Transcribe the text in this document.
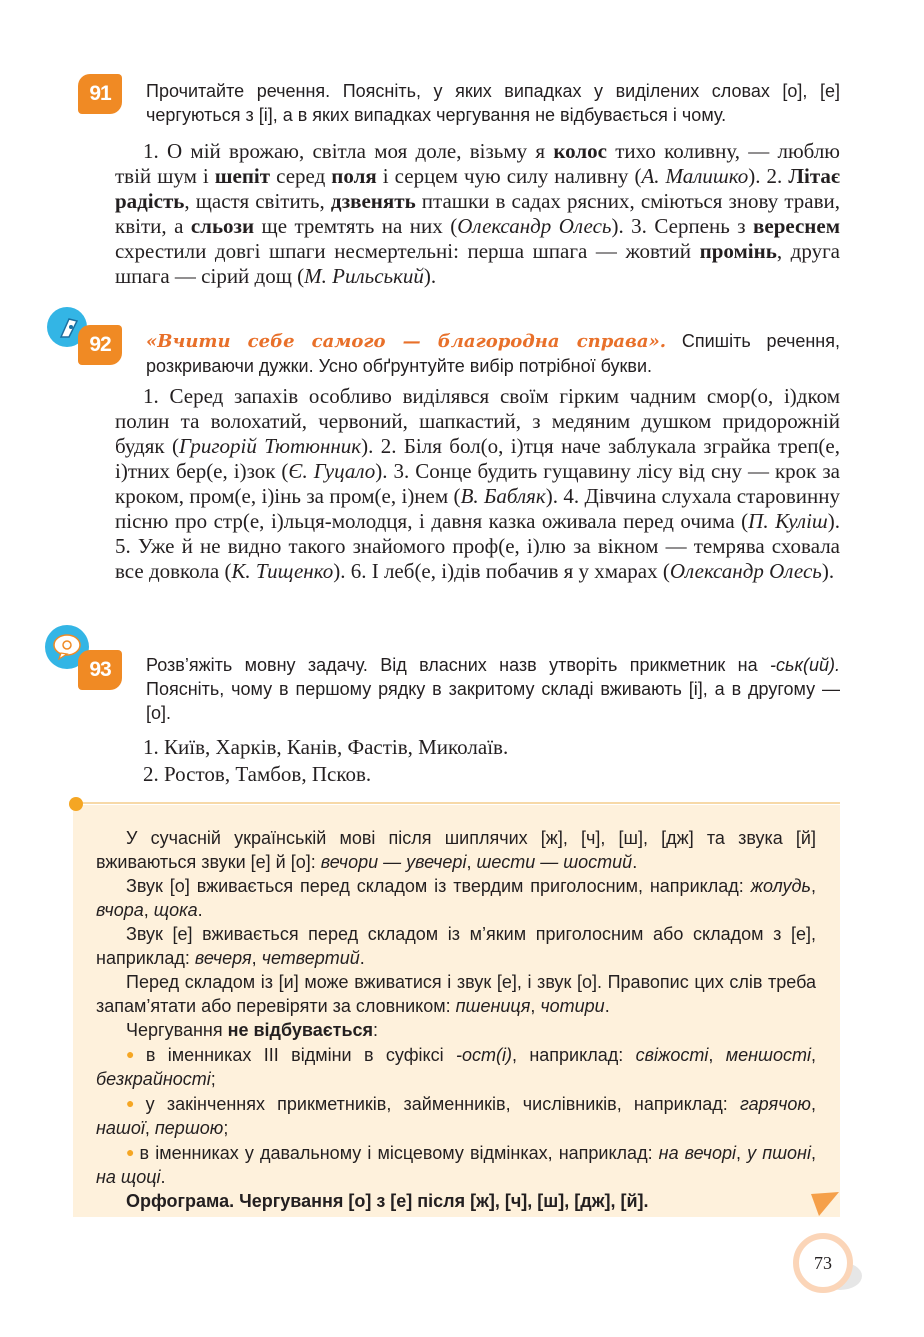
91 Прочитайте речення. Поясніть, у яких випадках у виділених словах [о], [е] чергуються з [і], а в яких випадках чергування не відбувається і чому.
1. О мій врожаю, світла моя доле, візьму я колос тихо коливну, — люблю твій шум і шепіт серед поля і серцем чую силу наливну (А. Малишко). 2. Літає радість, щастя світить, дзвенять пташки в садах рясних, сміються знову трави, квіти, а сльози ще тремтять на них (Олександр Олесь). 3. Серпень з вереснем схрестили довгі шпаги несмертельні: перша шпага — жовтий промінь, друга шпага — сірий дощ (М. Рильський).
92 «Вчити себе самого — благородна справа». Спишіть речення, розкриваючи дужки. Усно обґрунтуйте вибір потрібної букви.
1. Серед запахів особливо виділявся своїм гірким чадним смор(о, і)дком полин та волохатий, червоний, шапкастий, з медяним душком придорожній будяк (Григорій Тютюнник). 2. Біля бол(о, і)тця наче заблукала зграйка треп(е, і)тних бер(е, і)зок (Є. Гуцало). 3. Сонце будить гущавину лісу від сну — крок за кроком, пром(е, і)інь за пром(е, і)нем (В. Бабляк). 4. Дівчина слухала старовинну пісню про стр(е, і)льця-молодця, і давня казка оживала перед очима (П. Куліш). 5. Уже й не видно такого знайомого проф(е, і)лю за вікном — темрява сховала все довкола (К. Тищенко). 6. І леб(е, і)дів побачив я у хмарах (Олександр Олесь).
93 Розв’яжіть мовну задачу. Від власних назв утворіть прикметник на -ськ(ий). Поясніть, чому в першому рядку в закритому складі вживають [і], а в другому — [о].
1. Київ, Харків, Канів, Фастів, Миколаїв.
2. Ростов, Тамбов, Псков.

У сучасній українській мові після шиплячих [ж], [ч], [ш], [дж] та звука [й] вживаються звуки [е] й [о]: вечори — увечері, шести — шостий.

Звук [о] вживається перед складом із твердим приголосним, наприклад: жолудь, вчора, щока.

Звук [е] вживається перед складом із м’яким приголосним або складом з [е], наприклад: вечеря, четвертий.

Перед складом із [и] може вживатися і звук [е], і звук [о]. Правопис цих слів треба запам’ятати або перевіряти за словником: пшениця, чотири.

Чергування не відбувається:

● в іменниках ІІІ відміни в суфіксі -ост(і), наприклад: свіжості, меншості, безкрайності;

● у закінченнях прикметників, займенників, числівників, наприклад: гарячою, нашої, першою;

● в іменниках у давальному і місцевому відмінках, наприклад: на вечорі, у пшоні, на щоці.

Орфограма. Чергування [о] з [е] після [ж], [ч], [ш], [дж], [й].

73
